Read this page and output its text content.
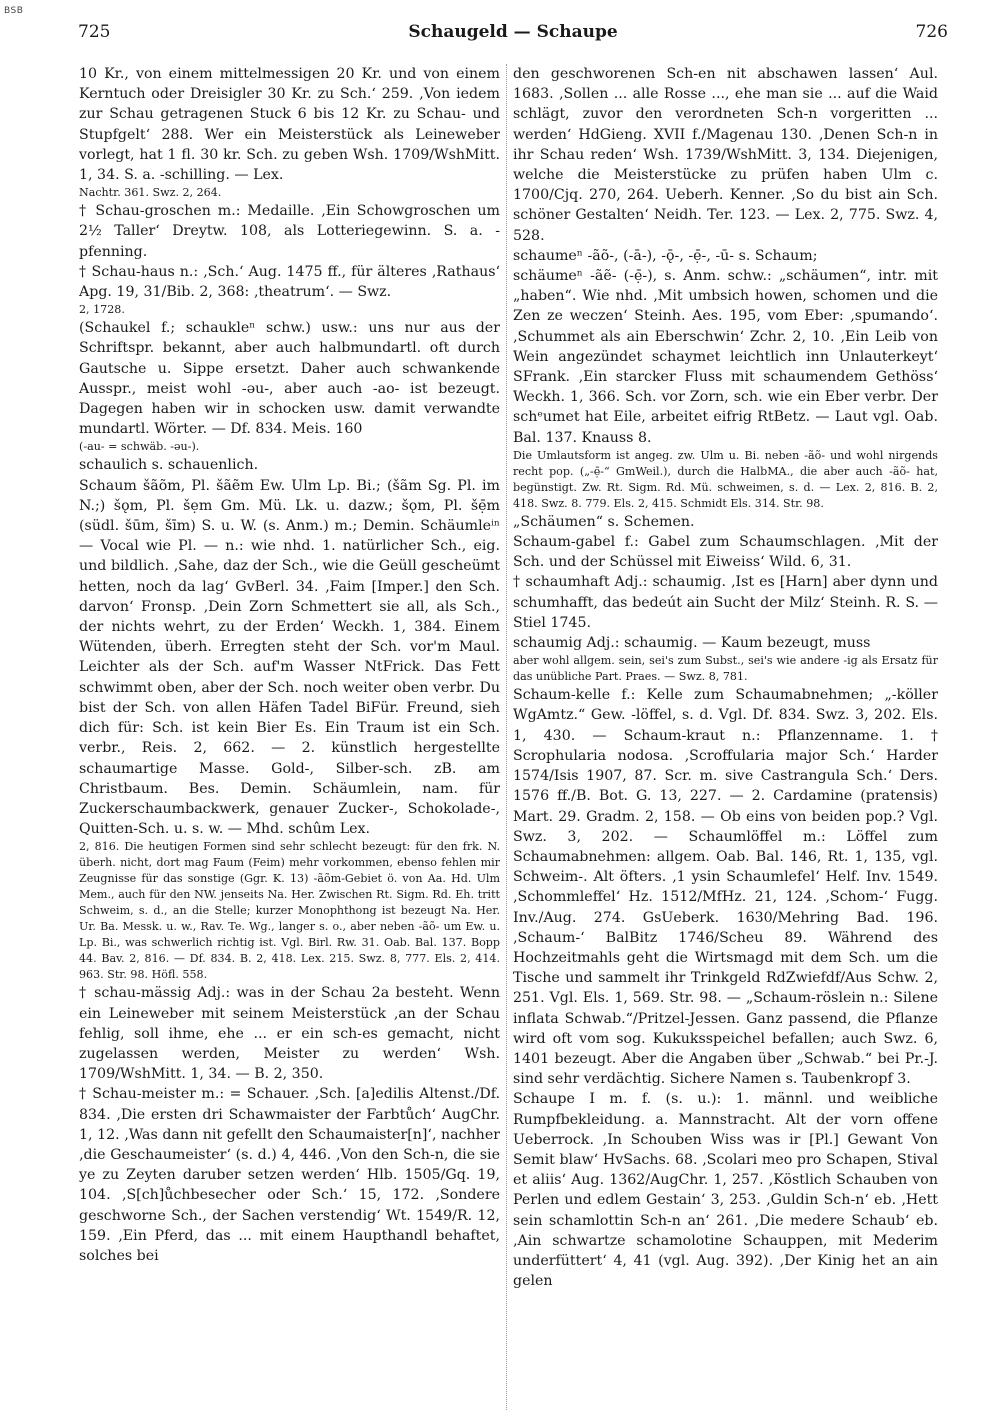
BSB
725	Schaugeld — Schaupe	726

10 Kr., von einem mittelmessigen 20 Kr. und von einem Kerntuch oder Dreisigler 30 Kr. zu Sch.‘ 259. ‚Von iedem zur Schau getragenen Stuck 6 bis 12 Kr. zu Schau- und Stupfgelt‘ 288. Wer ein Meisterstück als Leineweber vorlegt, hat 1 fl. 30 kr. Sch. zu geben Wsh. 1709/WshMitt. 1, 34. S. a. -schilling. — Lex.

Nachtr. 361. Swz. 2, 264.

† Schau-groschen m.: Medaille. ‚Ein Schowgroschen um 2½ Taller‘ Dreytw. 108, als Lotteriegewinn. S. a. -pfenning.

† Schau-haus n.: ‚Sch.‘ Aug. 1475 ff., für älteres ‚Rathaus‘ Apg. 19, 31/Bib. 2, 368: ‚theatrum‘. — Swz.

2, 1728.

(Schaukel f.; schaukleⁿ schw.) usw.: uns nur aus der Schriftspr. bekannt, aber auch halbmundartl. oft durch Gautsche u. Sippe ersetzt. Daher auch schwankende Ausspr., meist wohl -ǝu-, aber auch -ao- ist bezeugt. Dagegen haben wir in schocken usw. damit verwandte mundartl. Wörter. — Df. 834. Meis. 160

(-au- = schwäb. -ǝu-).

schaulich s. schauenlich.

Schaum šãõm, Pl. šãẽm Ew. Ulm Lp. Bi.; (šãm Sg. Pl. im N.;) šǫm, Pl. šẹm Gm. Mü. Lk. u. dazw.; šǫm, Pl. šẹ̄m (südl. šūm, šīm) S. u. W. (s. Anm.) m.; Demin. Schäumleⁱⁿ — Vocal wie Pl. — n.: wie nhd. 1. natürlicher Sch., eig. und bildlich. ‚Sahe, daz der Sch., wie die Geüll gescheümt hetten, noch da lag‘ GvBerl. 34. ‚Faim [Imper.] den Sch. darvon‘ Fronsp. ‚Dein Zorn Schmettert sie all, als Sch., der nichts wehrt, zu der Erden‘ Weckh. 1, 384. Einem Wütenden, überh. Erregten steht der Sch. vor'm Maul. Leichter als der Sch. auf'm Wasser NtFrick. Das Fett schwimmt oben, aber der Sch. noch weiter oben verbr. Du bist der Sch. von allen Häfen Tadel BiFür. Freund, sieh dich für: Sch. ist kein Bier Es. Ein Traum ist ein Sch. verbr., Reis. 2, 662. — 2. künstlich hergestellte schaumartige Masse. Gold-, Silber-sch. zB. am Christbaum. Bes. Demin. Schäumlein, nam. für Zuckerschaumbackwerk, genauer Zucker-, Schokolade-, Quitten-Sch. u. s. w. — Mhd. schûm Lex.

2, 816. Die heutigen Formen sind sehr schlecht bezeugt: für den frk. N. überh. nicht, dort mag Faum (Feim) mehr vorkommen, ebenso fehlen mir Zeugnisse für das sonstige (Ggr. K. 13) -ãõm-Gebiet ö. von Aa. Hd. Ulm Mem., auch für den NW. jenseits Na. Her. Zwischen Rt. Sigm. Rd. Eh. tritt Schweim, s. d., an die Stelle; kurzer Monophthong ist bezeugt Na. Her. Ur. Ba. Messk. u. w., Rav. Te. Wg., langer s. o., aber neben -ãõ- um Ew. u. Lp. Bi., was schwerlich richtig ist. Vgl. Birl. Rw. 31. Oab. Bal. 137. Bopp 44. Bav. 2, 816. — Df. 834. B. 2, 418. Lex. 215. Swz. 8, 777. Els. 2, 414. 963. Str. 98. Höfl. 558.

† schau-mässig Adj.: was in der Schau 2a besteht. Wenn ein Leineweber mit seinem Meisterstück ‚an der Schau fehlig, soll ihme, ehe ... er ein sch-es gemacht, nicht zugelassen werden, Meister zu werden‘ Wsh. 1709/WshMitt. 1, 34. — B. 2, 350.

† Schau-meister m.: = Schauer. ‚Sch. [a]edilis Altenst./Df. 834. ‚Die ersten dri Schawmaister der Farbtůch‘ AugChr. 1, 12. ‚Was dann nit gefellt den Schaumaister[n]‘, nachher ‚die Geschaumeister‘ (s. d.) 4, 446. ‚Von den Sch-n, die sie ye zu Zeyten daruber setzen werden‘ Hlb. 1505/Gq. 19, 104. ‚S[ch]ůchbesecher oder Sch.‘ 15, 172. ‚Sondere geschworne Sch., der Sachen verstendig‘ Wt. 1549/R. 12, 159. ‚Ein Pferd, das ... mit einem Haupthandl behaftet, solches bei

den geschworenen Sch-en nit abschawen lassen‘ Aul. 1683. ‚Sollen ... alle Rosse ..., ehe man sie ... auf die Waid schlägt, zuvor den verordneten Sch-n vorgeritten ... werden‘ HdGieng. XVII f./Magenau 130. ‚Denen Sch-n in ihr Schau reden‘ Wsh. 1739/WshMitt. 3, 134. Diejenigen, welche die Meisterstücke zu prüfen haben Ulm c. 1700/Cjq. 270, 264. Ueberh. Kenner. ‚So du bist ain Sch. schöner Gestalten‘ Neidh. Ter. 123. — Lex. 2, 775. Swz. 4, 528.

schaumeⁿ -ãõ-, (-ā-), -ǭ-, -ẹ̄-, -ū- s. Schaum;

schäumeⁿ -ãẽ- (-ẹ̄-), s. Anm. schw.: „schäumen“, intr. mit „haben“. Wie nhd. ‚Mit umbsich howen, schomen und die Zen ze weczen‘ Steinh. Aes. 195, vom Eber: ‚spumando‘. ‚Schummet als ain Eberschwin‘ Zchr. 2, 10. ‚Ein Leib von Wein angezündet schaymet leichtlich inn Unlauterkeyt‘ SFrank. ‚Ein starcker Fluss mit schaumendem Gethöss‘ Weckh. 1, 366. Sch. vor Zorn, sch. wie ein Eber verbr. Der schᵉumet hat Eile, arbeitet eifrig RtBetz. — Laut vgl. Oab. Bal. 137. Knauss 8.

Die Umlautsform ist angeg. zw. Ulm u. Bi. neben -ãõ- und wohl nirgends recht pop. („-ẹ̄-“ GmWeil.), durch die HalbMA., die aber auch -ãõ- hat, begünstigt. Zw. Rt. Sigm. Rd. Mü. schweimen, s. d. — Lex. 2, 816. B. 2, 418. Swz. 8. 779. Els. 2, 415. Schmidt Els. 314. Str. 98.

„Schäumen“ s. Schemen.

Schaum-gabel f.: Gabel zum Schaumschlagen. ‚Mit der Sch. und der Schüssel mit Eiweiss‘ Wild. 6, 31.

† schaumhaft Adj.: schaumig. ‚Ist es [Harn] aber dynn und schumhafft, das bedeút ain Sucht der Milz‘ Steinh. R. S. — Stiel 1745.

schaumig Adj.: schaumig. — Kaum bezeugt, muss

aber wohl allgem. sein, sei's zum Subst., sei's wie andere -ig als Ersatz für das unübliche Part. Praes. — Swz. 8, 781.

Schaum-kelle f.: Kelle zum Schaumabnehmen; „-köller WgAmtz.“ Gew. -löffel, s. d. Vgl. Df. 834. Swz. 3, 202. Els. 1, 430. — Schaum-kraut n.: Pflanzenname. 1. † Scrophularia nodosa. ‚Scroffularia major Sch.‘ Harder 1574/Isis 1907, 87. Scr. m. sive Castrangula Sch.‘ Ders. 1576 ff./B. Bot. G. 13, 227. — 2. Cardamine (pratensis) Mart. 29. Gradm. 2, 158. — Ob eins von beiden pop.? Vgl. Swz. 3, 202. — Schaumlöffel m.: Löffel zum Schaumabnehmen: allgem. Oab. Bal. 146, Rt. 1, 135, vgl. Schweim-. Alt öfters. ‚1 ysin Schaumlefel‘ Helf. Inv. 1549. ‚Schommleffel‘ Hz. 1512/MfHz. 21, 124. ‚Schom-‘ Fugg. Inv./Aug. 274. GsUeberk. 1630/Mehring Bad. 196. ‚Schaum-‘ BalBitz 1746/Scheu 89. Während des Hochzeitmahls geht die Wirtsmagd mit dem Sch. um die Tische und sammelt ihr Trinkgeld RdZwiefdf/Aus Schw. 2, 251. Vgl. Els. 1, 569. Str. 98. — „Schaum-röslein n.: Silene inflata Schwab.“/Pritzel-Jessen. Ganz passend, die Pflanze wird oft vom sog. Kukuksspeichel befallen; auch Swz. 6, 1401 bezeugt. Aber die Angaben über „Schwab.“ bei Pr.-J. sind sehr verdächtig. Sichere Namen s. Taubenkropf 3.

Schaupe I m. f. (s. u.): 1. männl. und weibliche Rumpfbekleidung. a. Mannstracht. Alt der vorn offene Ueberrock. ‚In Schouben Wiss was ir [Pl.] Gewant Von Semit blaw‘ HvSachs. 68. ‚Scolari meo pro Schapen, Stival et aliis‘ Aug. 1362/AugChr. 1, 257. ‚Köstlich Schauben von Perlen und edlem Gestain‘ 3, 253. ‚Guldin Sch-n‘ eb. ‚Hett sein schamlottin Sch-n an‘ 261. ‚Die medere Schaub‘ eb. ‚Ain schwartze schamolotine Schauppen, mit Mederim underfüttert‘ 4, 41 (vgl. Aug. 392). ‚Der Kinig het an ain gelen
